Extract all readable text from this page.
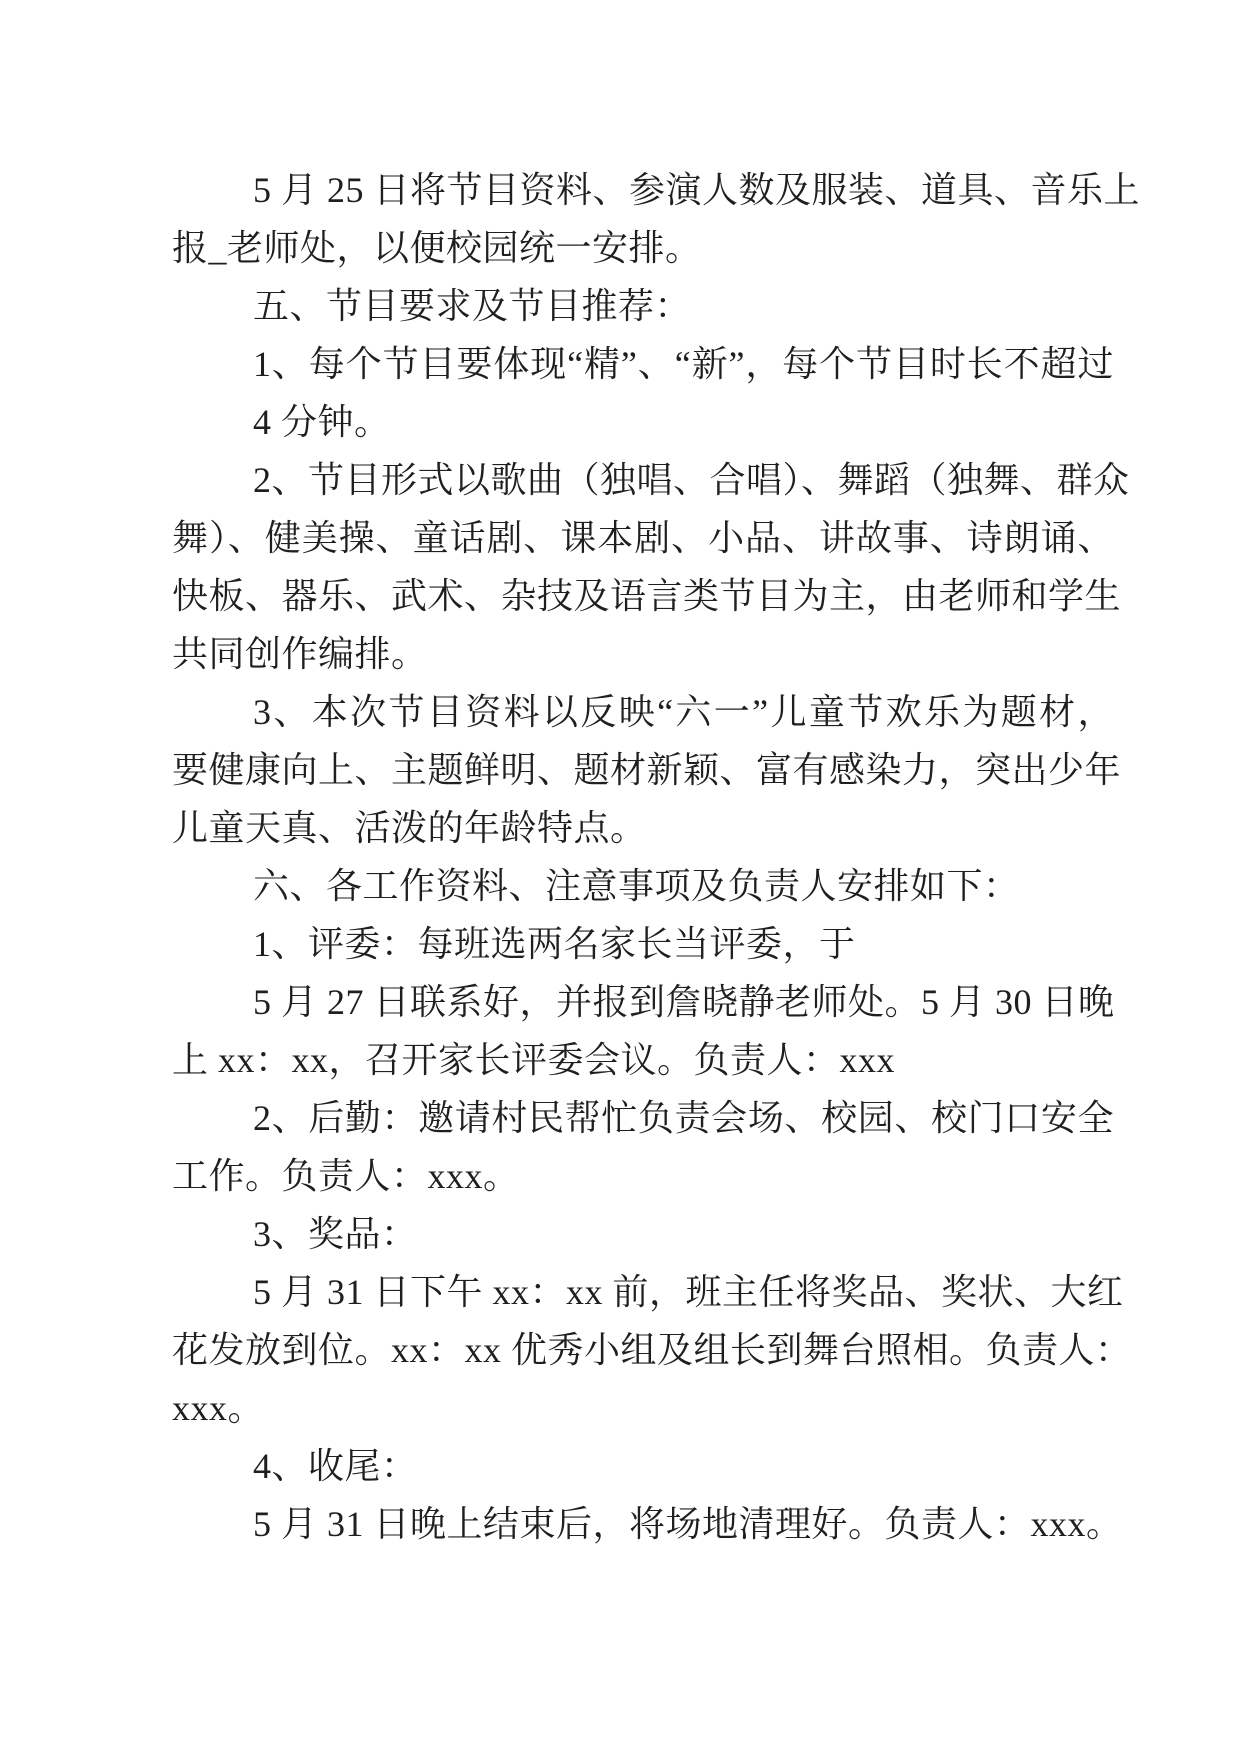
5 月 25 日将节目资料、参演人数及服装、道具、音乐上
报_老师处，以便校园统一安排。
五、节目要求及节目推荐：
1、每个节目要体现“精”、“新”，每个节目时长不超过
4 分钟。
2、节目形式以歌曲（独唱、合唱）、舞蹈（独舞、群众
舞）、健美操、童话剧、课本剧、小品、讲故事、诗朗诵、
快板、器乐、武术、杂技及语言类节目为主，由老师和学生
共同创作编排。
3、本次节目资料以反映“六一”儿童节欢乐为题材，
要健康向上、主题鲜明、题材新颖、富有感染力，突出少年
儿童天真、活泼的年龄特点。
六、各工作资料、注意事项及负责人安排如下：
1、评委：每班选两名家长当评委，于
5 月 27 日联系好，并报到詹晓静老师处。5 月 30 日晚
上 xx：xx，召开家长评委会议。负责人：xxx
2、后勤：邀请村民帮忙负责会场、校园、校门口安全
工作。负责人：xxx。
3、奖品：
5 月 31 日下午 xx：xx 前，班主任将奖品、奖状、大红
花发放到位。xx：xx 优秀小组及组长到舞台照相。负责人：
xxx。
4、收尾：
5 月 31 日晚上结束后，将场地清理好。负责人：xxx。
